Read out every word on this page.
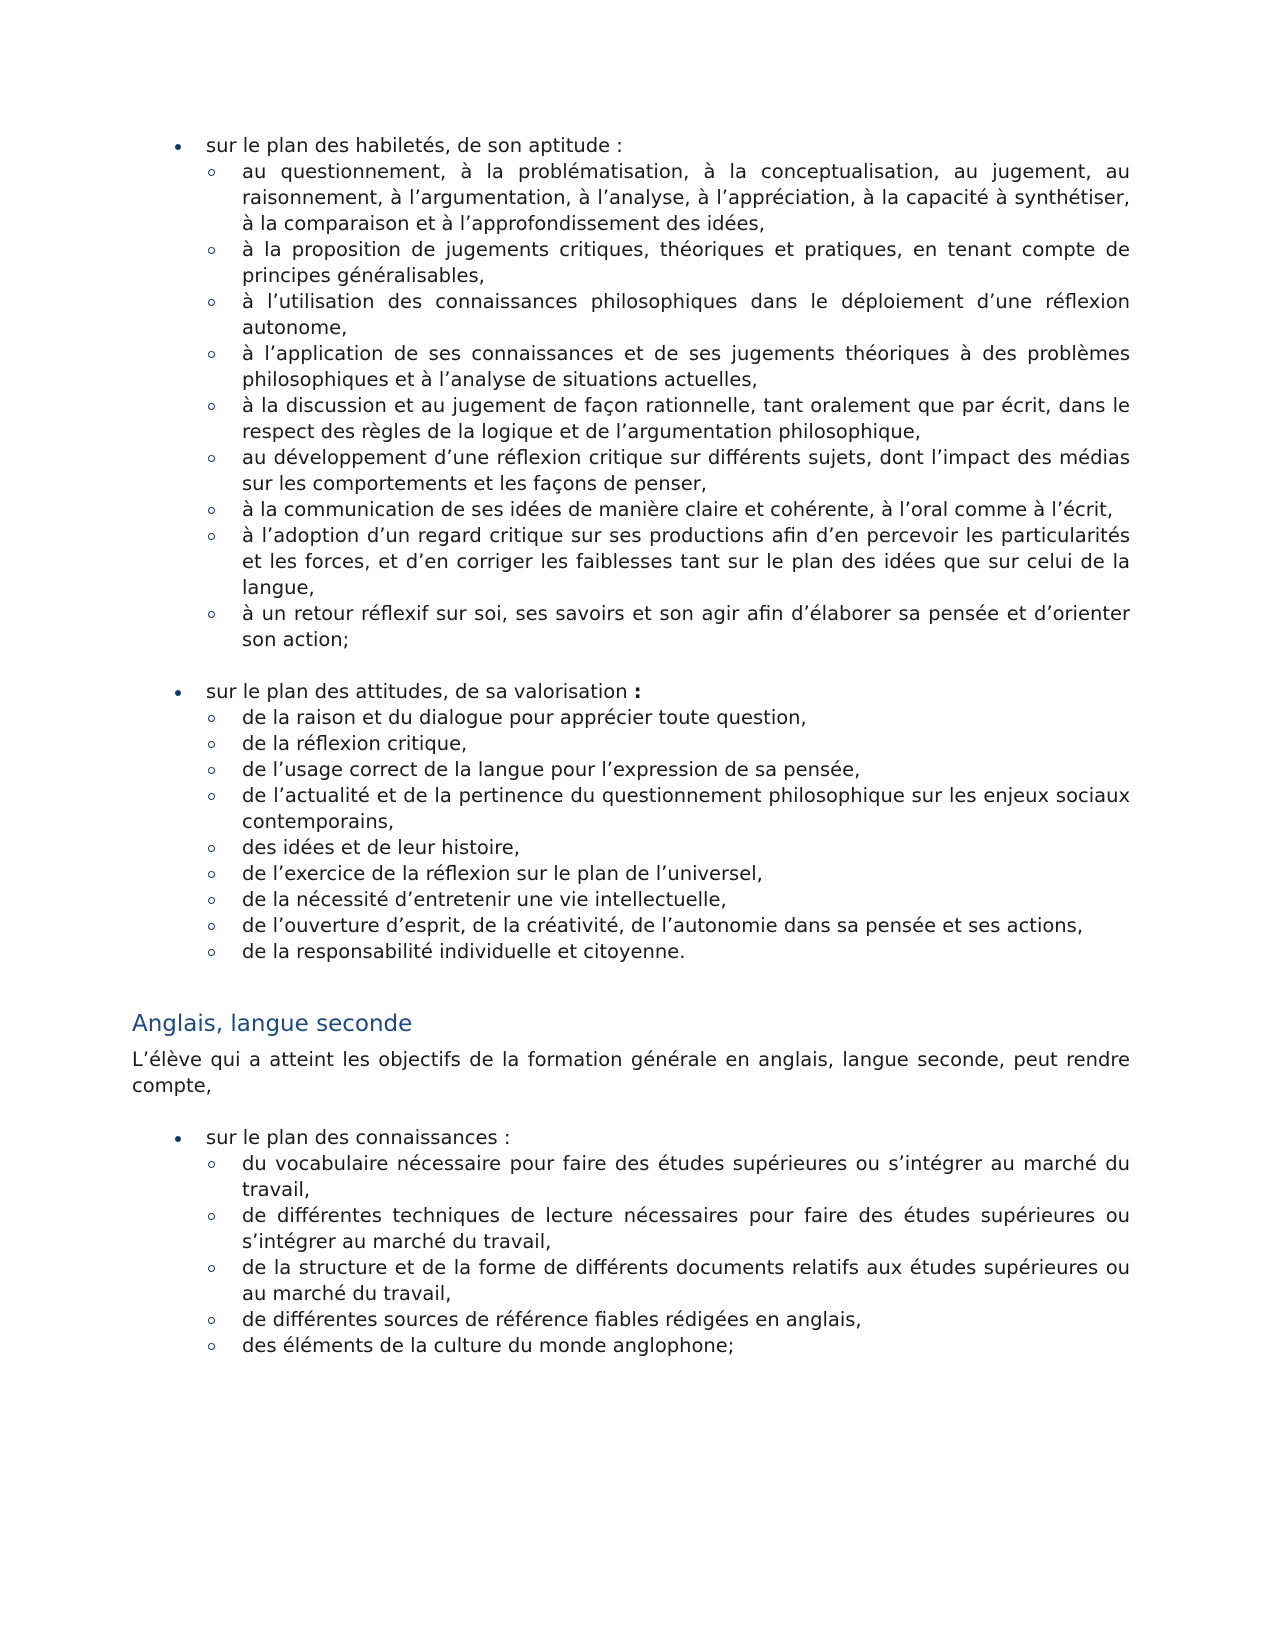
sur le plan des habiletés, de son aptitude :
au questionnement, à la problématisation, à la conceptualisation, au jugement, au raisonnement, à l’argumentation, à l’analyse, à l’appréciation, à la capacité à synthétiser, à la comparaison et à l’approfondissement des idées,
à la proposition de jugements critiques, théoriques et pratiques, en tenant compte de principes généralisables,
à l’utilisation des connaissances philosophiques dans le déploiement d’une réflexion autonome,
à l’application de ses connaissances et de ses jugements théoriques à des problèmes philosophiques et à l’analyse de situations actuelles,
à la discussion et au jugement de façon rationnelle, tant oralement que par écrit, dans le respect des règles de la logique et de l’argumentation philosophique,
au développement d’une réflexion critique sur différents sujets, dont l’impact des médias sur les comportements et les façons de penser,
à la communication de ses idées de manière claire et cohérente, à l’oral comme à l’écrit,
à l’adoption d’un regard critique sur ses productions afin d’en percevoir les particularités et les forces, et d’en corriger les faiblesses tant sur le plan des idées que sur celui de la langue,
à un retour réflexif sur soi, ses savoirs et son agir afin d’élaborer sa pensée et d’orienter son action;
sur le plan des attitudes, de sa valorisation :
de la raison et du dialogue pour apprécier toute question,
de la réflexion critique,
de l’usage correct de la langue pour l’expression de sa pensée,
de l’actualité et de la pertinence du questionnement philosophique sur les enjeux sociaux contemporains,
des idées et de leur histoire,
de l’exercice de la réflexion sur le plan de l’universel,
de la nécessité d’entretenir une vie intellectuelle,
de l’ouverture d’esprit, de la créativité, de l’autonomie dans sa pensée et ses actions,
de la responsabilité individuelle et citoyenne.
Anglais, langue seconde

L’élève qui a atteint les objectifs de la formation générale en anglais, langue seconde, peut rendre compte,

sur le plan des connaissances :
du vocabulaire nécessaire pour faire des études supérieures ou s’intégrer au marché du travail,
de différentes techniques de lecture nécessaires pour faire des études supérieures ou s’intégrer au marché du travail,
de la structure et de la forme de différents documents relatifs aux études supérieures ou au marché du travail,
de différentes sources de référence fiables rédigées en anglais,
des éléments de la culture du monde anglophone;
